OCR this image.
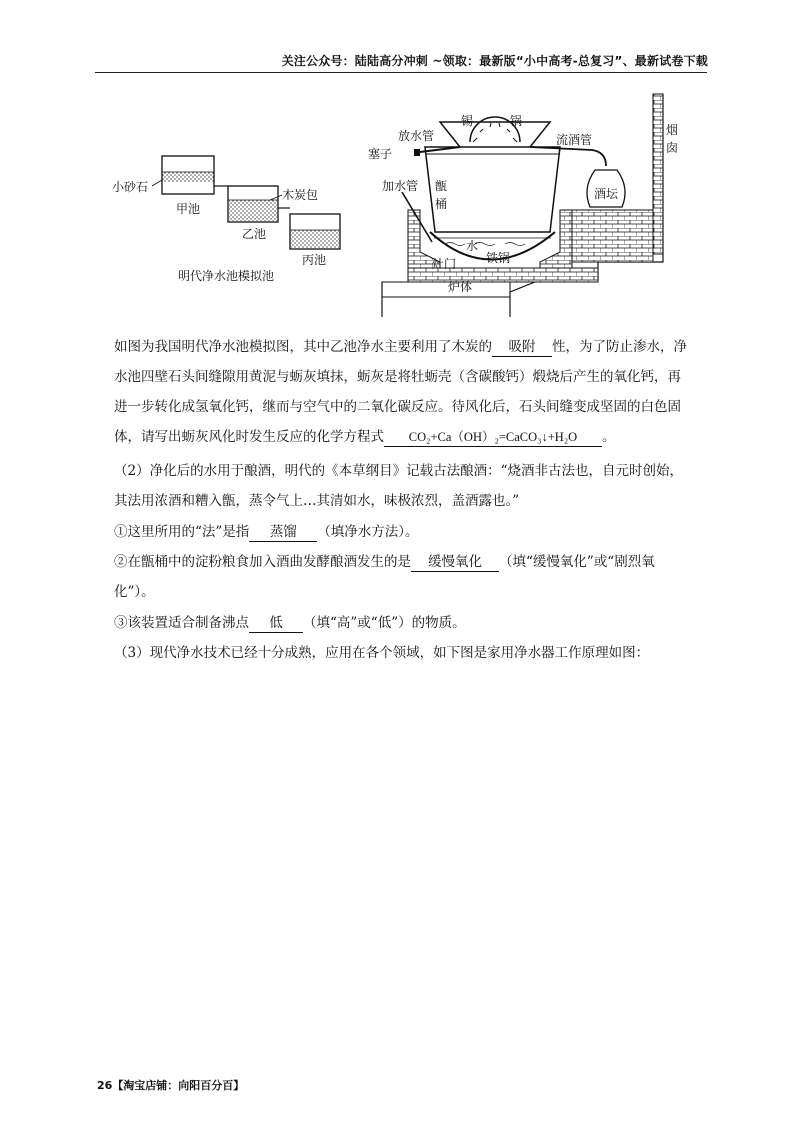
关注公众号：陆陆高分冲刺 ~领取：最新版“小中高考-总复习”、最新试卷下载
小砂石
甲池
木炭包
乙池
丙池
明代净水池模拟池
放水管
锡	锅
烟
囱
塞子
流酒管
加水管 甑
桶
酒坛
水
铁锅
灶门
炉体

如图为我国明代净水池模拟图，其中乙池净水主要利用了木炭的 吸附 性，为了防止渗水，净水池四壁石头间缝隙用黄泥与蛎灰填抹，蛎灰是将牡蛎壳（含碳酸钙）煅烧后产生的氧化钙，再进一步转化成氢氧化钙，继而与空气中的二氧化碳反应。待风化后，石头间缝变成坚固的白色固体，请写出蛎灰风化时发生反应的化学方程式 CO₂+Ca（OH）₂=CaCO₃↓+H₂O 。

（2）净化后的水用于酿酒，明代的《本草纲目》记载古法酿酒：“烧酒非古法也，自元时创始，其法用浓酒和糟入甑，蒸令气上…其清如水，味极浓烈，盖酒露也。”

①这里所用的“法”是指 蒸馏 （填净水方法）。

②在甑桶中的淀粉粮食加入酒曲发酵酿酒发生的是 缓慢氧化 （填“缓慢氧化”或“剧烈氧化”）。

③该装置适合制备沸点 低 （填“高”或“低”）的物质。

（3）现代净水技术已经十分成熟，应用在各个领域，如下图是家用净水器工作原理如图：

26【淘宝店铺：向阳百分百】
